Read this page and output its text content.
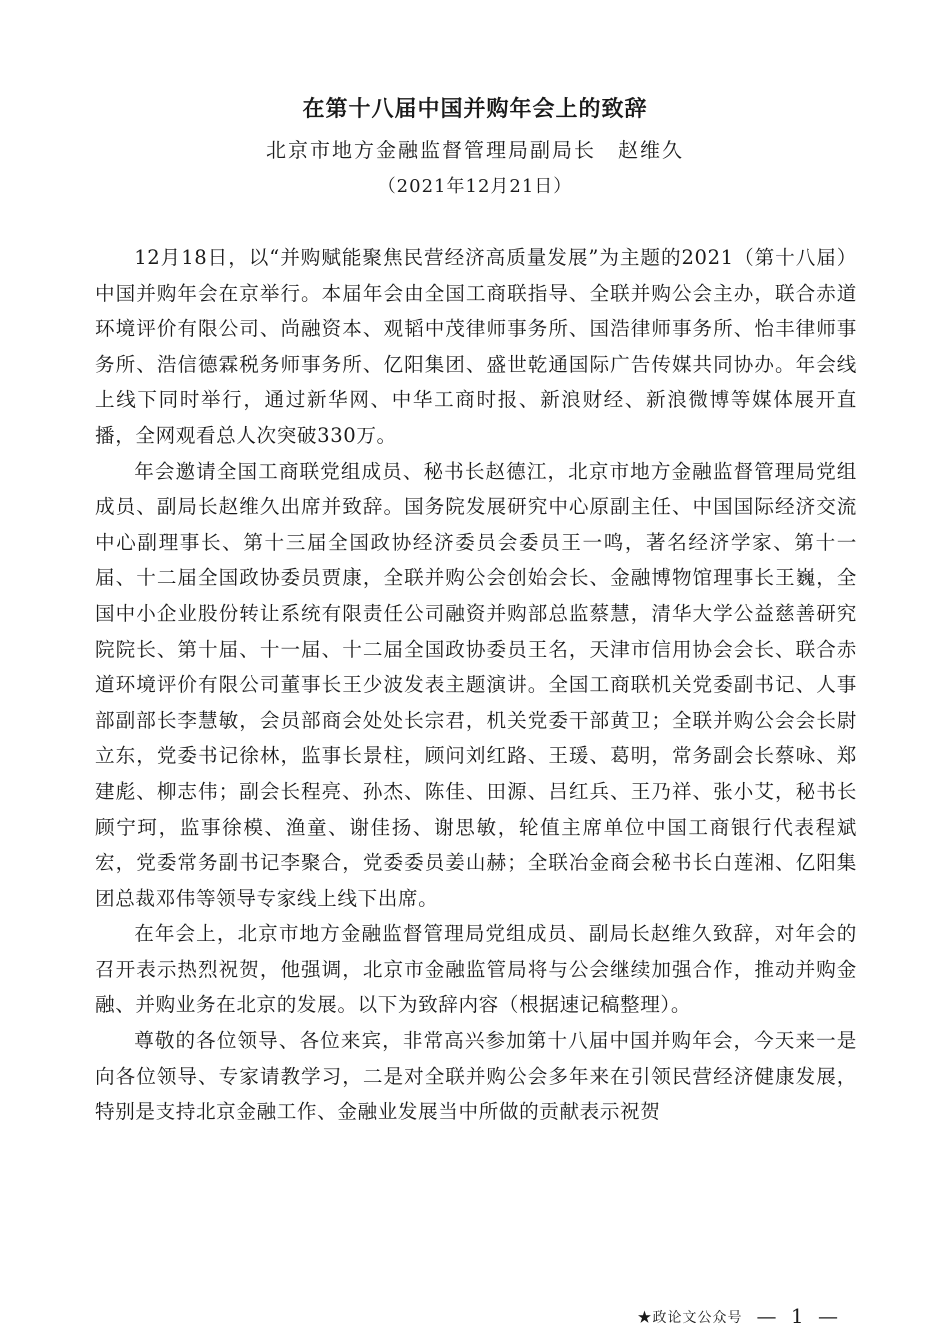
在第十八届中国并购年会上的致辞
北京市地方金融监督管理局副局长 赵维久
（2021年12月21日）

12月18日，以“并购赋能聚焦民营经济高质量发展”为主题的2021（第十八届）中国并购年会在京举行。本届年会由全国工商联指导、全联并购公会主办，联合赤道环境评价有限公司、尚融资本、观韬中茂律师事务所、国浩律师事务所、怡丰律师事务所、浩信德霖税务师事务所、亿阳集团、盛世乾通国际广告传媒共同协办。年会线上线下同时举行，通过新华网、中华工商时报、新浪财经、新浪微博等媒体展开直播，全网观看总人次突破330万。

年会邀请全国工商联党组成员、秘书长赵德江，北京市地方金融监督管理局党组成员、副局长赵维久出席并致辞。国务院发展研究中心原副主任、中国国际经济交流中心副理事长、第十三届全国政协经济委员会委员王一鸣，著名经济学家、第十一届、十二届全国政协委员贾康，全联并购公会创始会长、金融博物馆理事长王巍，全国中小企业股份转让系统有限责任公司融资并购部总监蔡慧，清华大学公益慈善研究院院长、第十届、十一届、十二届全国政协委员王名，天津市信用协会会长、联合赤道环境评价有限公司董事长王少波发表主题演讲。全国工商联机关党委副书记、人事部副部长李慧敏，会员部商会处处长宗君，机关党委干部黄卫；全联并购公会会长尉立东，党委书记徐林，监事长景柱，顾问刘红路、王瑗、葛明，常务副会长蔡咏、郑建彪、柳志伟；副会长程亮、孙杰、陈佳、田源、吕红兵、王乃祥、张小艾，秘书长顾宁珂，监事徐模、渔童、谢佳扬、谢思敏，轮值主席单位中国工商银行代表程斌宏，党委常务副书记李聚合，党委委员姜山赫；全联冶金商会秘书长白莲湘、亿阳集团总裁邓伟等领导专家线上线下出席。

在年会上，北京市地方金融监督管理局党组成员、副局长赵维久致辞，对年会的召开表示热烈祝贺，他强调，北京市金融监管局将与公会继续加强合作，推动并购金融、并购业务在北京的发展。以下为致辞内容（根据速记稿整理）。

尊敬的各位领导、各位来宾，非常高兴参加第十八届中国并购年会，今天来一是向各位领导、专家请教学习，二是对全联并购公会多年来在引领民营经济健康发展，特别是支持北京金融工作、金融业发展当中所做的贡献表示祝贺

★政论文公众号 — 1 —
